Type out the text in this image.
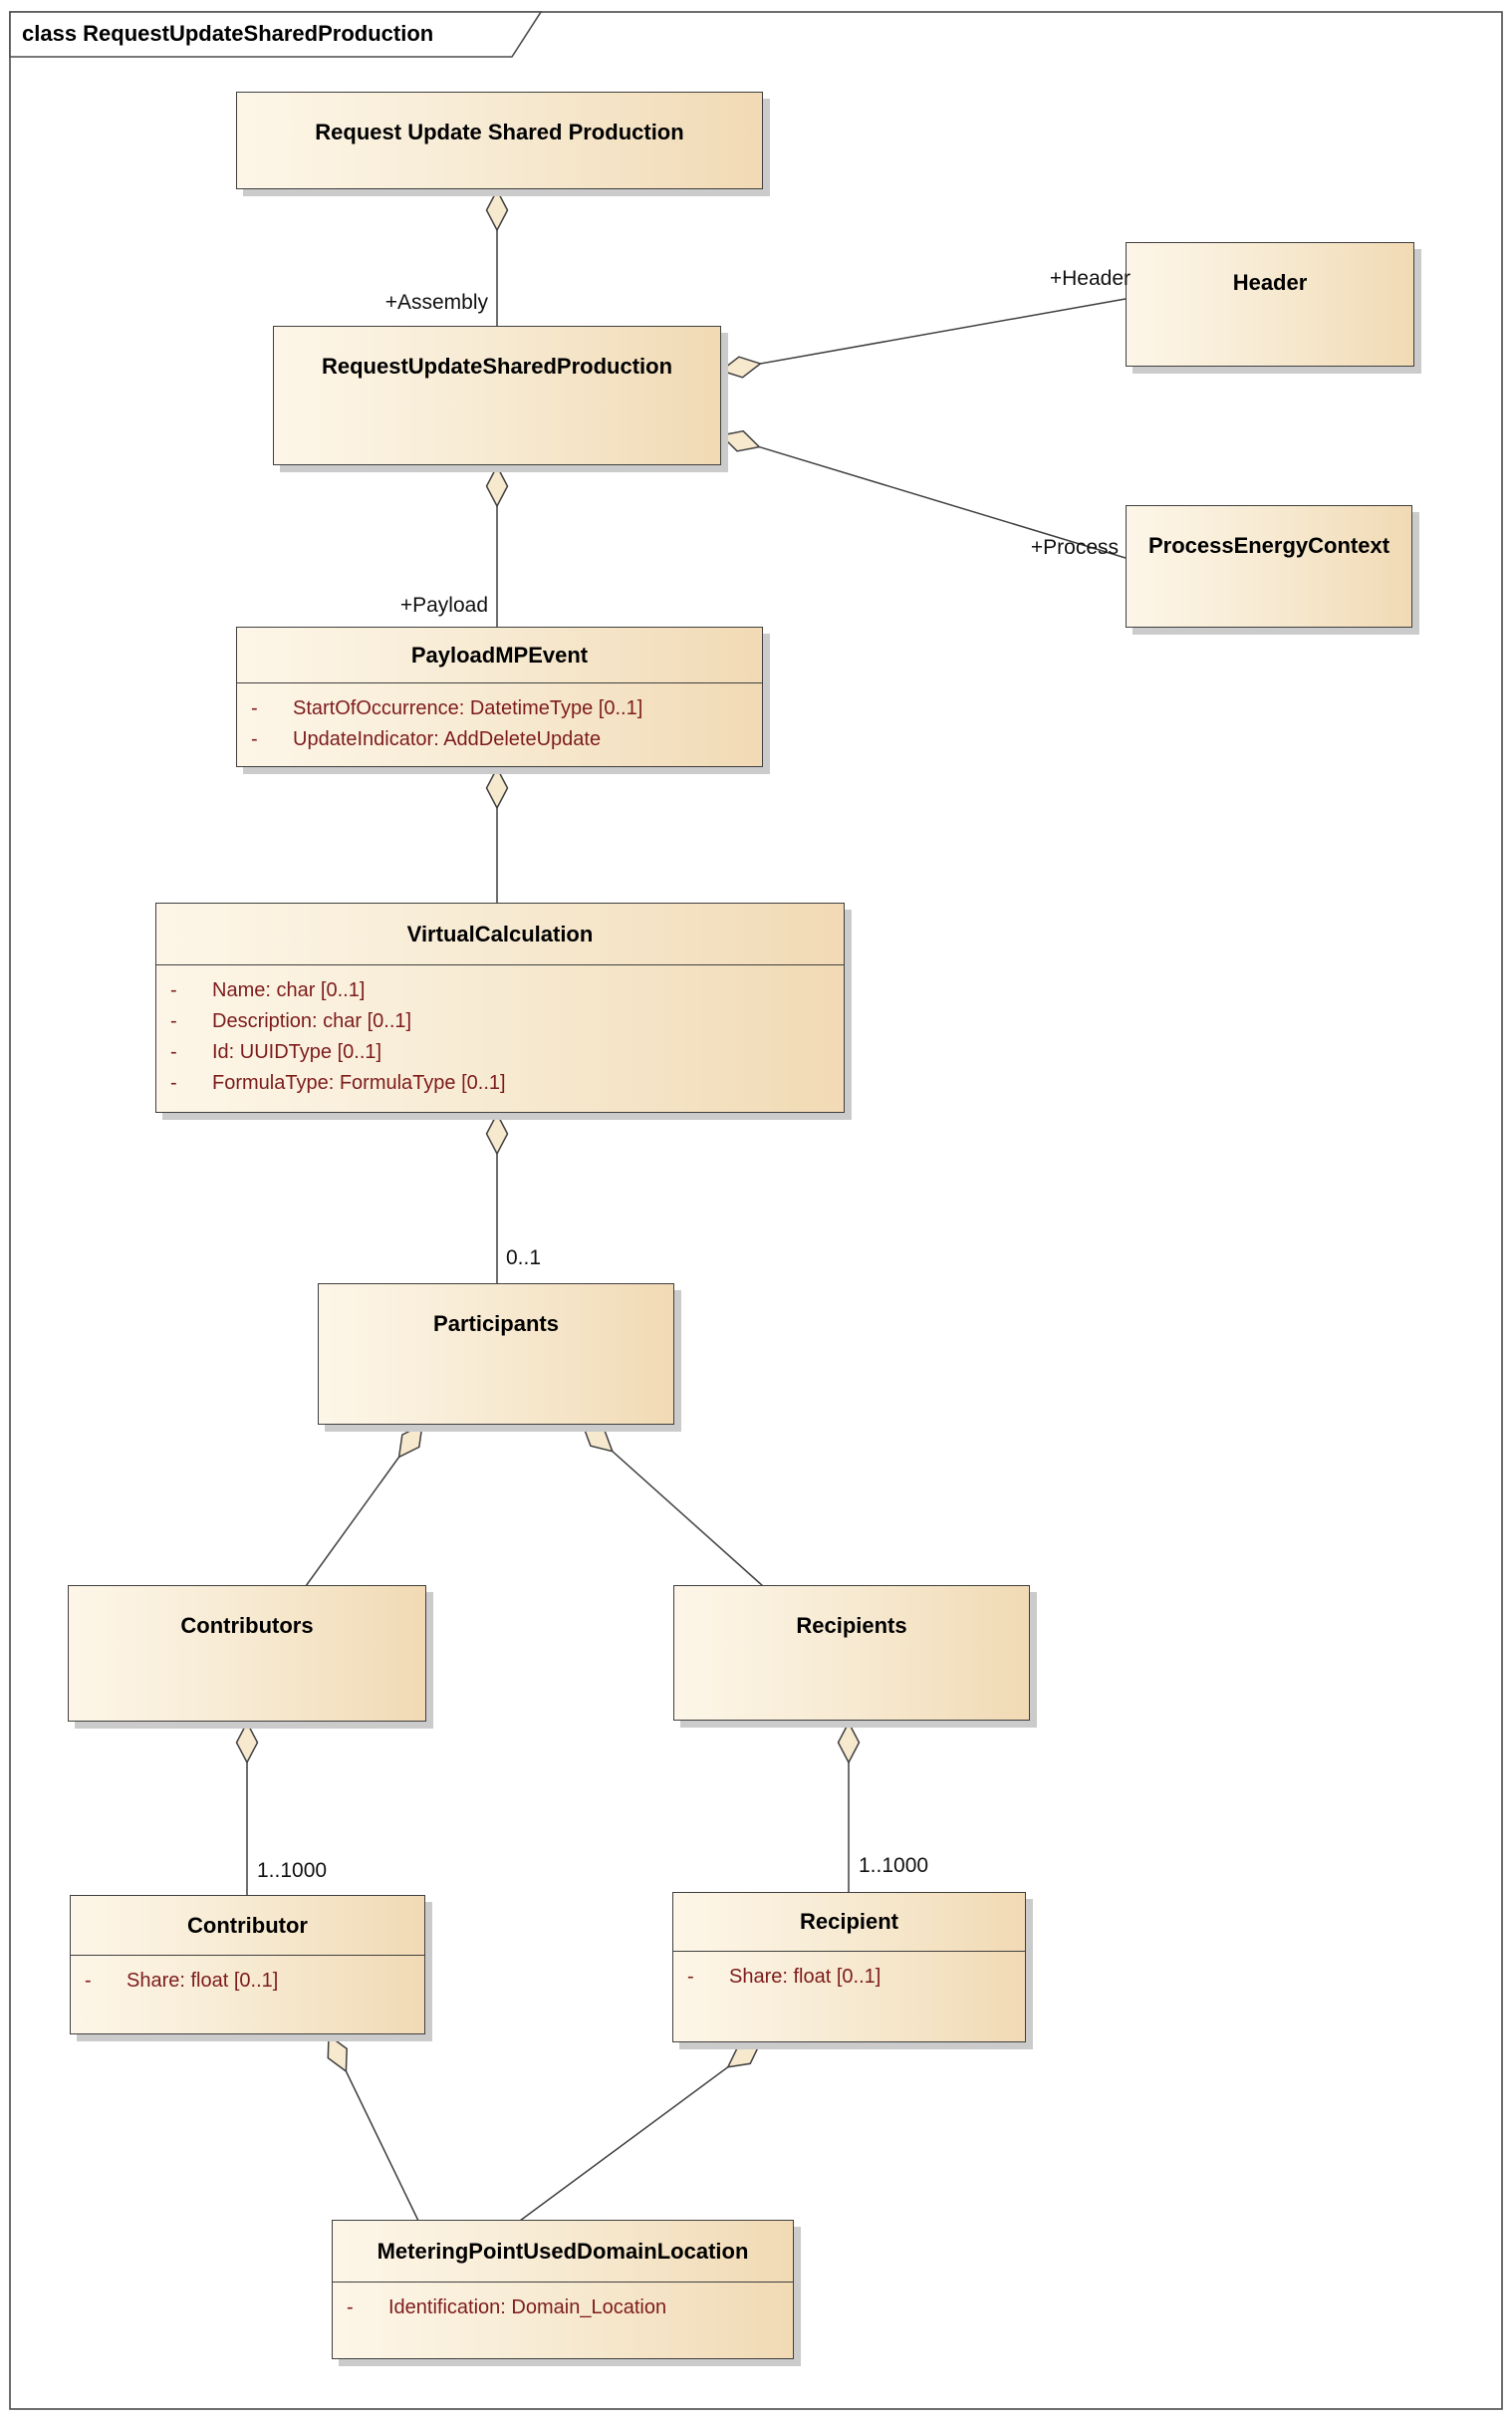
class RequestUpdateSharedProduction
Request Update Shared Production
RequestUpdateSharedProduction
Header
ProcessEnergyContext
PayloadMPEvent
- StartOfOccurrence: DatetimeType [0..1]
- UpdateIndicator: AddDeleteUpdate
VirtualCalculation
- Name: char [0..1]
- Description: char [0..1]
- Id: UUIDType [0..1]
- FormulaType: FormulaType [0..1]
Participants
Contributors	Recipients
Contributor
- Share: float [0..1]
Recipient
- Share: float [0..1]
MeteringPointUsedDomainLocation
- Identification: Domain_Location
+Assembly
+Header
+Process
+Payload
0..1
1..1000	1..1000
